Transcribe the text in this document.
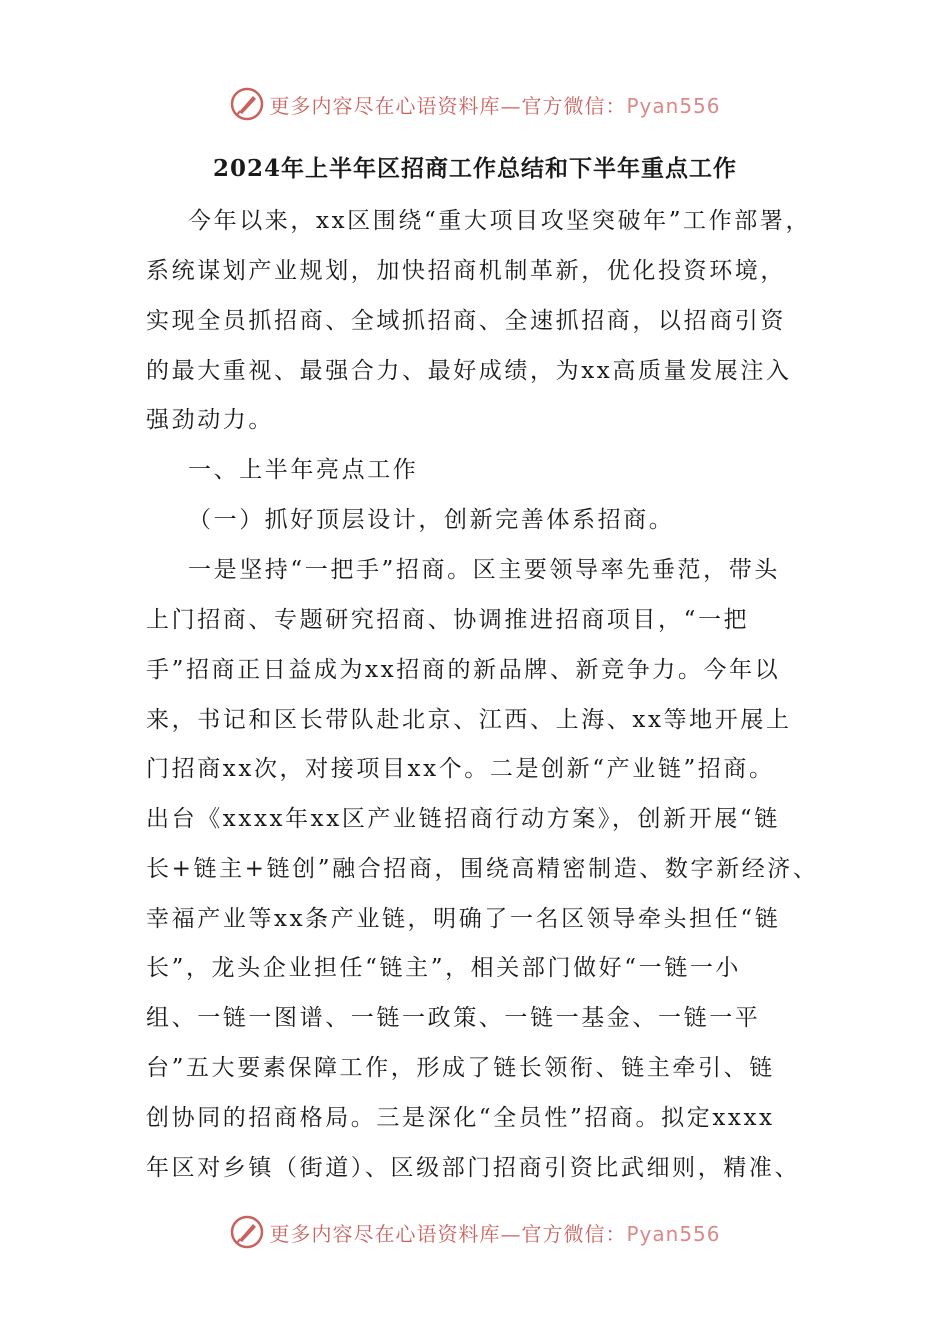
更多内容尽在心语资料库—官方微信：Pyan556
2024年上半年区招商工作总结和下半年重点工作
今年以来，xx区围绕“重大项目攻坚突破年”工作部署，
系统谋划产业规划，加快招商机制革新，优化投资环境，
实现全员抓招商、全域抓招商、全速抓招商，以招商引资
的最大重视、最强合力、最好成绩，为xx高质量发展注入
强劲动力。
一、上半年亮点工作
（一）抓好顶层设计，创新完善体系招商。
一是坚持“一把手”招商。区主要领导率先垂范，带头
上门招商、专题研究招商、协调推进招商项目，“一把
手”招商正日益成为xx招商的新品牌、新竞争力。今年以
来，书记和区长带队赴北京、江西、上海、xx等地开展上
门招商xx次，对接项目xx个。二是创新“产业链”招商。
出台《xxxx年xx区产业链招商行动方案》，创新开展“链
长+链主+链创”融合招商，围绕高精密制造、数字新经济、
幸福产业等xx条产业链，明确了一名区领导牵头担任“链
长”，龙头企业担任“链主”，相关部门做好“一链一小
组、一链一图谱、一链一政策、一链一基金、一链一平
台”五大要素保障工作，形成了链长领衔、链主牵引、链
创协同的招商格局。三是深化“全员性”招商。拟定xxxx
年区对乡镇（街道）、区级部门招商引资比武细则，精准、
更多内容尽在心语资料库—官方微信：Pyan556
